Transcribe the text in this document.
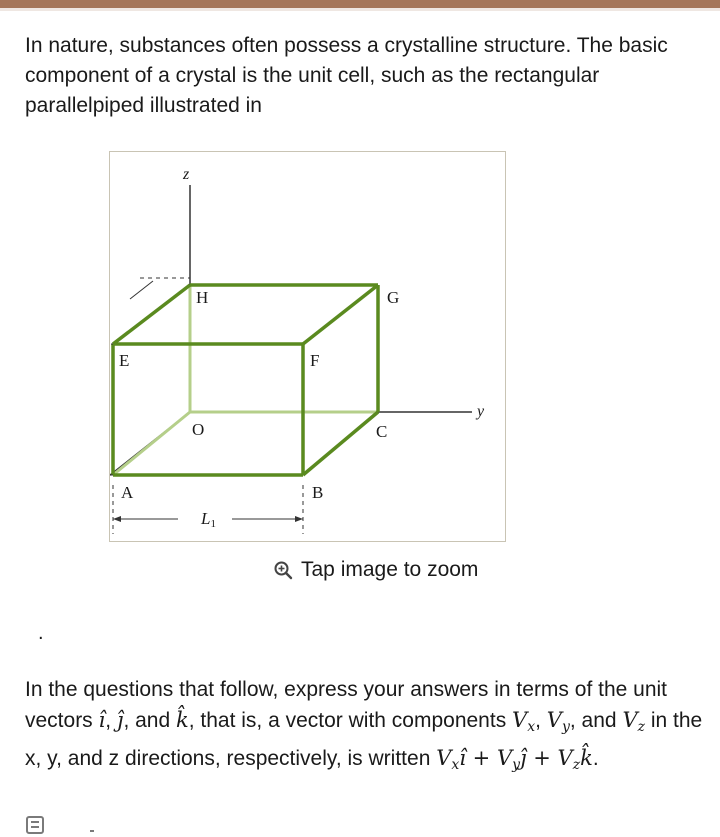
In nature, substances often possess a crystalline structure. The basic component of a crystal is the unit cell, such as the rectangular parallelpiped illustrated in

H	G
E	F
O	C
A	B
z
y
L1
Tap image to zoom
.

In the questions that follow, express your answers in terms of the unit vectors î, ĵ, and k̂, that is, a vector with components $V_x$, $V_y$, and $V_z$ in the x, y, and z directions, respectively, is written $V_xî$ + $V_yĵ$ + $V_zk̂$.
